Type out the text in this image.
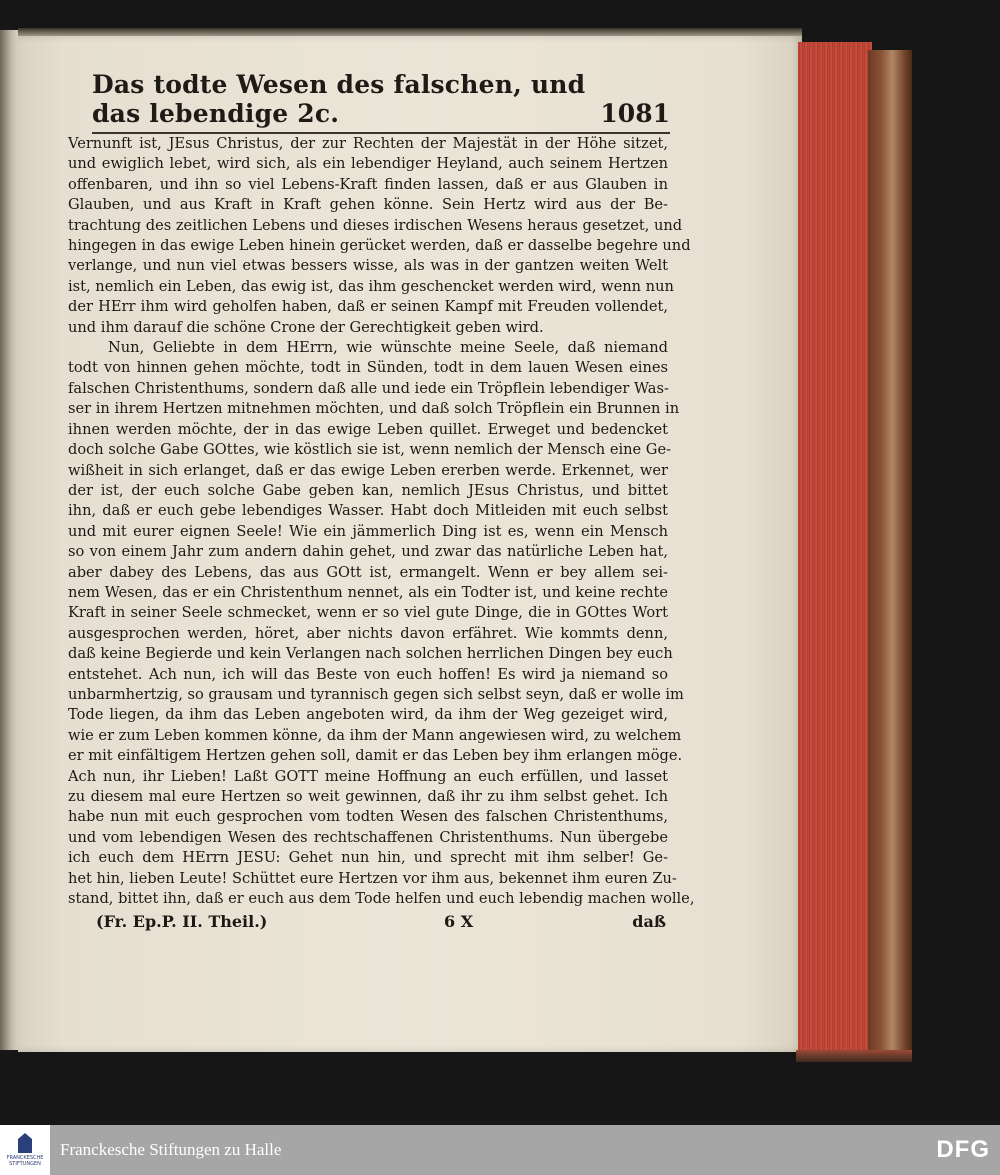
Das todte Wesen des falschen, und das lebendige 2c.	1081
Vernunft ist, JEsus Christus, der zur Rechten der Majestät in der Höhe sitzet,
und ewiglich lebet, wird sich, als ein lebendiger Heyland, auch seinem Hertzen
offenbaren, und ihn so viel Lebens-Kraft finden lassen, daß er aus Glauben in
Glauben, und aus Kraft in Kraft gehen könne. Sein Hertz wird aus der Be-
trachtung des zeitlichen Lebens und dieses irdischen Wesens heraus gesetzet, und
hingegen in das ewige Leben hinein gerücket werden, daß er dasselbe begehre und
verlange, und nun viel etwas bessers wisse, als was in der gantzen weiten Welt
ist, nemlich ein Leben, das ewig ist, das ihm geschencket werden wird, wenn nun
der HErr ihm wird geholfen haben, daß er seinen Kampf mit Freuden vollendet,
und ihm darauf die schöne Crone der Gerechtigkeit geben wird.
Nun, Geliebte in dem HErrn, wie wünschte meine Seele, daß niemand
todt von hinnen gehen möchte, todt in Sünden, todt in dem lauen Wesen eines
falschen Christenthums, sondern daß alle und iede ein Tröpflein lebendiger Was-
ser in ihrem Hertzen mitnehmen möchten, und daß solch Tröpflein ein Brunnen in
ihnen werden möchte, der in das ewige Leben quillet. Erweget und bedencket
doch solche Gabe GOttes, wie köstlich sie ist, wenn nemlich der Mensch eine Ge-
wißheit in sich erlanget, daß er das ewige Leben ererben werde. Erkennet, wer
der ist, der euch solche Gabe geben kan, nemlich JEsus Christus, und bittet
ihn, daß er euch gebe lebendiges Wasser. Habt doch Mitleiden mit euch selbst
und mit eurer eignen Seele! Wie ein jämmerlich Ding ist es, wenn ein Mensch
so von einem Jahr zum andern dahin gehet, und zwar das natürliche Leben hat,
aber dabey des Lebens, das aus GOtt ist, ermangelt. Wenn er bey allem sei-
nem Wesen, das er ein Christenthum nennet, als ein Todter ist, und keine rechte
Kraft in seiner Seele schmecket, wenn er so viel gute Dinge, die in GOttes Wort
ausgesprochen werden, höret, aber nichts davon erfähret. Wie kommts denn,
daß keine Begierde und kein Verlangen nach solchen herrlichen Dingen bey euch
entstehet. Ach nun, ich will das Beste von euch hoffen! Es wird ja niemand so
unbarmhertzig, so grausam und tyrannisch gegen sich selbst seyn, daß er wolle im
Tode liegen, da ihm das Leben angeboten wird, da ihm der Weg gezeiget wird,
wie er zum Leben kommen könne, da ihm der Mann angewiesen wird, zu welchem
er mit einfältigem Hertzen gehen soll, damit er das Leben bey ihm erlangen möge.
Ach nun, ihr Lieben! Laßt GOTT meine Hoffnung an euch erfüllen, und lasset
zu diesem mal eure Hertzen so weit gewinnen, daß ihr zu ihm selbst gehet. Ich
habe nun mit euch gesprochen vom todten Wesen des falschen Christenthums,
und vom lebendigen Wesen des rechtschaffenen Christenthums. Nun übergebe
ich euch dem HErrn JESU: Gehet nun hin, und sprecht mit ihm selber! Ge-
het hin, lieben Leute! Schüttet eure Hertzen vor ihm aus, bekennet ihm euren Zu-
stand, bittet ihn, daß er euch aus dem Tode helfen und euch lebendig machen wolle,
(Fr. Ep.P. II. Theil.)	6 X	daß
FRANCKESCHE
STIFTUNGEN
Franckesche Stiftungen zu Halle	DFG
